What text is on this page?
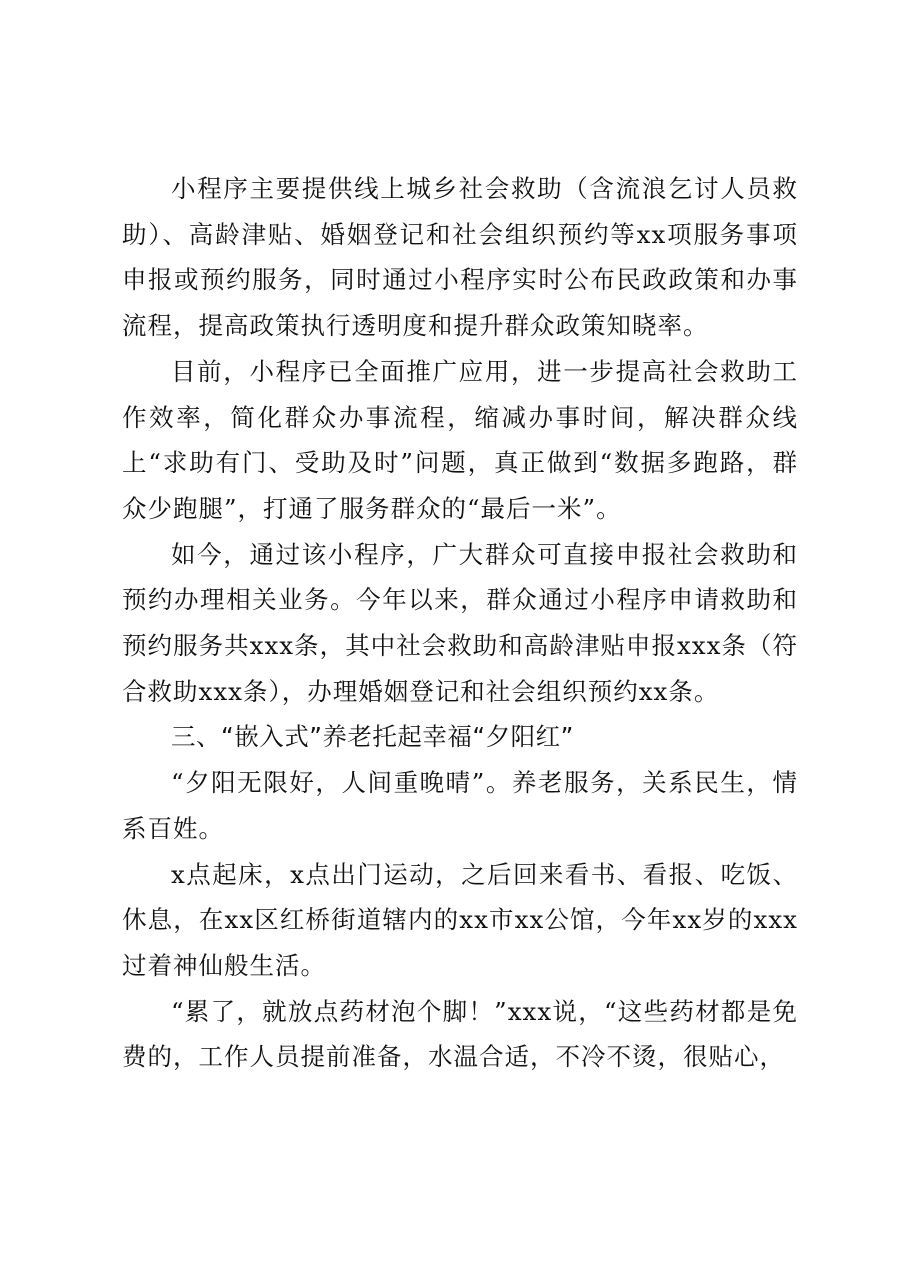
小程序主要提供线上城乡社会救助（含流浪乞讨人员救助）、高龄津贴、婚姻登记和社会组织预约等xx项服务事项申报或预约服务，同时通过小程序实时公布民政政策和办事流程，提高政策执行透明度和提升群众政策知晓率。

目前，小程序已全面推广应用，进一步提高社会救助工作效率，简化群众办事流程，缩减办事时间，解决群众线上“求助有门、受助及时”问题，真正做到“数据多跑路，群众少跑腿”，打通了服务群众的“最后一米”。

如今，通过该小程序，广大群众可直接申报社会救助和预约办理相关业务。今年以来，群众通过小程序申请救助和预约服务共xxx条，其中社会救助和高龄津贴申报xxx条（符合救助xxx条），办理婚姻登记和社会组织预约xx条。

三、“嵌入式”养老托起幸福“夕阳红”

“夕阳无限好，人间重晚晴”。养老服务，关系民生，情系百姓。

x点起床，x点出门运动，之后回来看书、看报、吃饭、休息，在xx区红桥街道辖内的xx市xx公馆，今年xx岁的xxx过着神仙般生活。

“累了，就放点药材泡个脚！”xxx说，“这些药材都是免费的，工作人员提前准备，水温合适，不冷不烫，很贴心，
